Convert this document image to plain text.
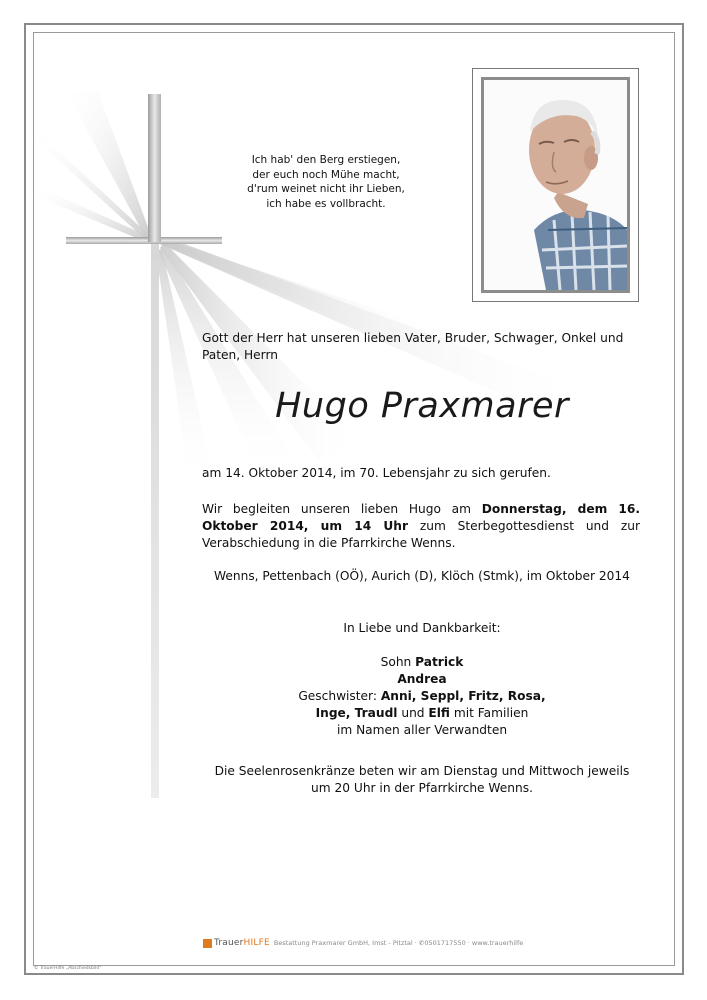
Ich hab' den Berg erstiegen,
der euch noch Mühe macht,
d'rum weinet nicht ihr Lieben,
ich habe es vollbracht.
Gott der Herr hat unseren lieben Vater, Bruder, Schwager, Onkel und Paten, Herrn
Hugo Praxmarer
am 14. Oktober 2014, im 70. Lebensjahr zu sich gerufen.
Wir begleiten unseren lieben Hugo am Donnerstag, dem 16. Oktober 2014, um 14 Uhr zum Sterbegottesdienst und zur Verabschiedung in die Pfarrkirche Wenns.
Wenns, Pettenbach (OÖ), Aurich (D), Klöch (Stmk), im Oktober 2014
In Liebe und Dankbarkeit:
Sohn Patrick
Andrea
Geschwister: Anni, Seppl, Fritz, Rosa,
Inge, Traudl und Elfi mit Familien
im Namen aller Verwandten
Die Seelenrosenkränze beten wir am Dienstag und Mittwoch jeweils
um 20 Uhr in der Pfarrkirche Wenns.
TrauerHILFE Bestattung Praxmarer GmbH, Imst - Pitztal · ✆0501717550 · www.trauerhilfe
© TrauerHilfe „Abschiedsbild“
